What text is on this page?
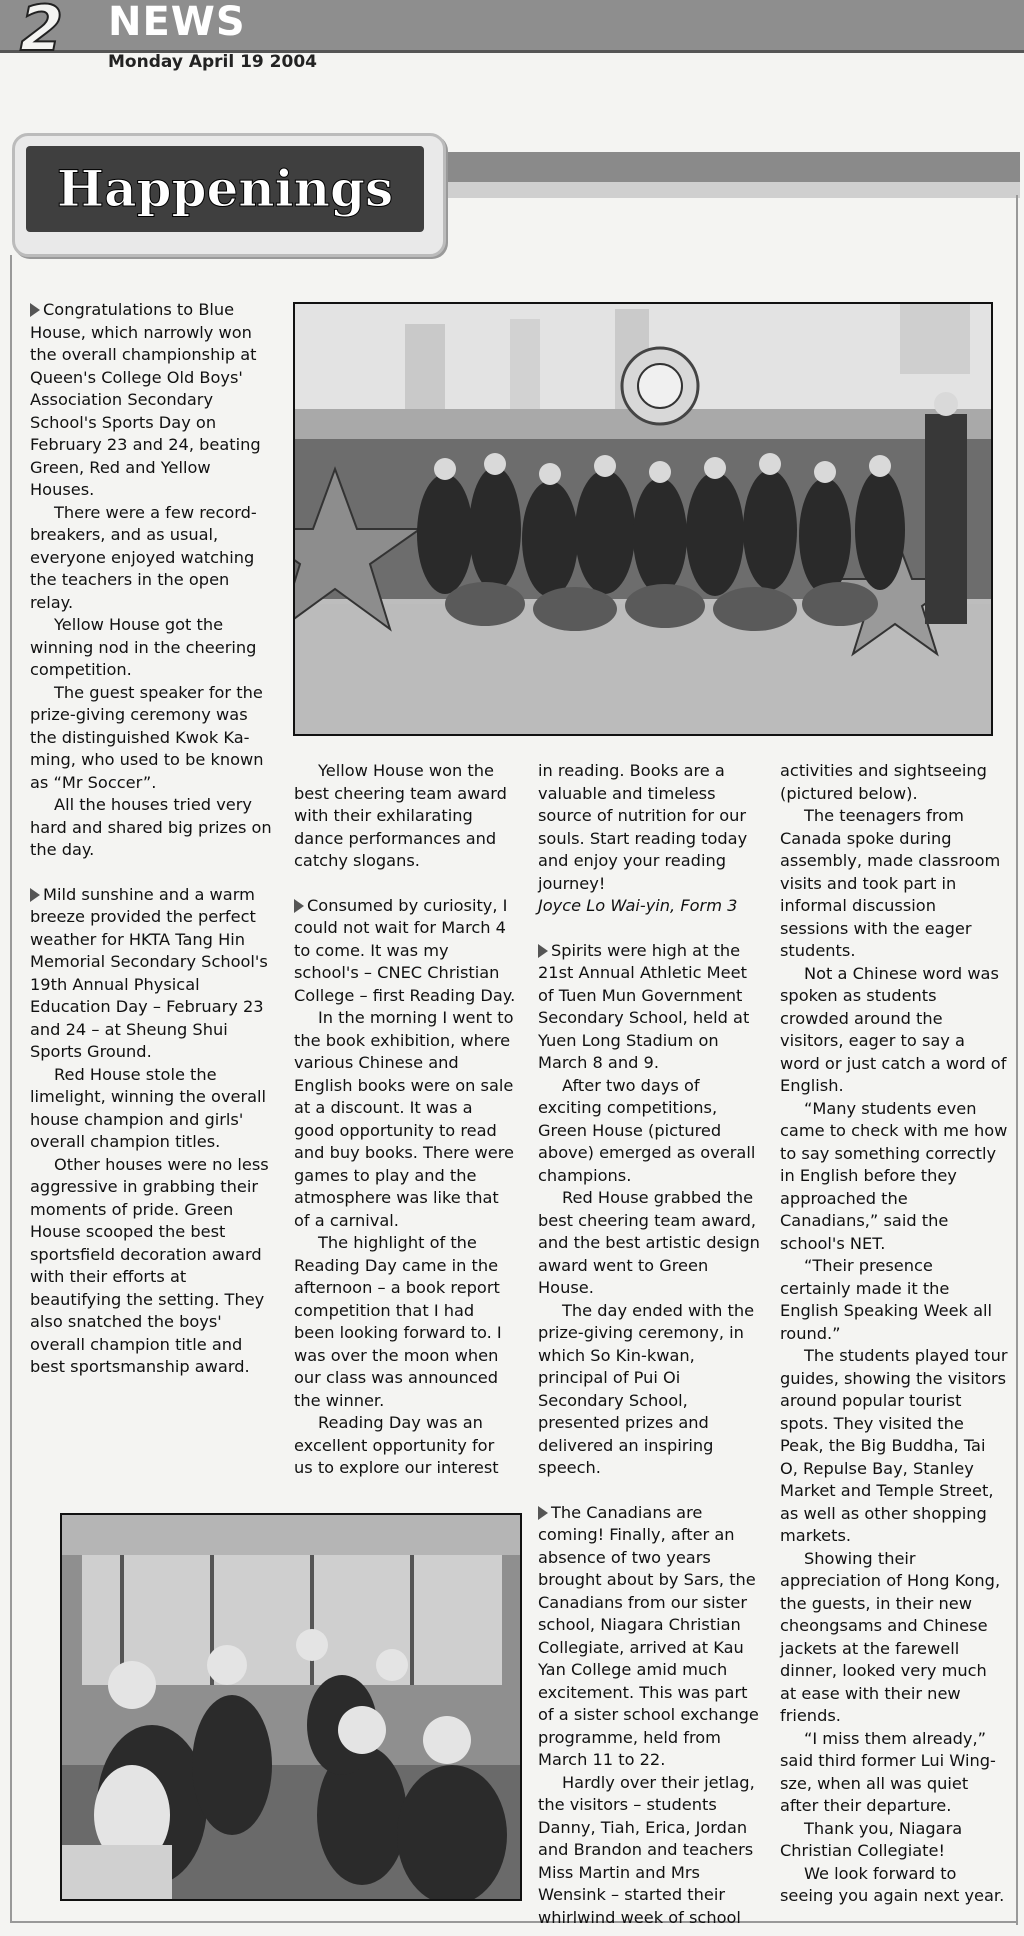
2 NEWS
Monday April 19 2004
Happenings

Congratulations to Blue House, which narrowly won the overall championship at Queen's College Old Boys' Association Secondary School's Sports Day on February 23 and 24, beating Green, Red and Yellow Houses.

There were a few record-breakers, and as usual, everyone enjoyed watching the teachers in the open relay.

Yellow House got the winning nod in the cheering competition.

The guest speaker for the prize-giving ceremony was the distinguished Kwok Ka-ming, who used to be known as “Mr Soccer”.

All the houses tried very hard and shared big prizes on the day.

Mild sunshine and a warm breeze provided the perfect weather for HKTA Tang Hin Memorial Secondary School's 19th Annual Physical Education Day – February 23 and 24 – at Sheung Shui Sports Ground.

Red House stole the limelight, winning the overall house champion and girls' overall champion titles.

Other houses were no less aggressive in grabbing their moments of pride. Green House scooped the best sportsfield decoration award with their efforts at beautifying the setting. They also snatched the boys' overall champion title and best sportsmanship award.

Yellow House won the best cheering team award with their exhilarating dance performances and catchy slogans.

Consumed by curiosity, I could not wait for March 4 to come. It was my school's – CNEC Christian College – first Reading Day.

In the morning I went to the book exhibition, where various Chinese and English books were on sale at a discount. It was a good opportunity to read and buy books. There were games to play and the atmosphere was like that of a carnival.

The highlight of the Reading Day came in the afternoon – a book report competition that I had been looking forward to. I was over the moon when our class was announced the winner.

Reading Day was an excellent opportunity for us to explore our interest

in reading. Books are a valuable and timeless source of nutrition for our souls. Start reading today and enjoy your reading journey!

Joyce Lo Wai-yin, Form 3

Spirits were high at the 21st Annual Athletic Meet of Tuen Mun Government Secondary School, held at Yuen Long Stadium on March 8 and 9.

After two days of exciting competitions, Green House (pictured above) emerged as overall champions.

Red House grabbed the best cheering team award, and the best artistic design award went to Green House.

The day ended with the prize-giving ceremony, in which So Kin-kwan, principal of Pui Oi Secondary School, presented prizes and delivered an inspiring speech.

The Canadians are coming! Finally, after an absence of two years brought about by Sars, the Canadians from our sister school, Niagara Christian Collegiate, arrived at Kau Yan College amid much excitement. This was part of a sister school exchange programme, held from March 11 to 22.

Hardly over their jetlag, the visitors – students Danny, Tiah, Erica, Jordan and Brandon and teachers Miss Martin and Mrs Wensink – started their whirlwind week of school

activities and sightseeing (pictured below).

The teenagers from Canada spoke during assembly, made classroom visits and took part in informal discussion sessions with the eager students.

Not a Chinese word was spoken as students crowded around the visitors, eager to say a word or just catch a word of English.

“Many students even came to check with me how to say something correctly in English before they approached the Canadians,” said the school's NET.

“Their presence certainly made it the English Speaking Week all round.”

The students played tour guides, showing the visitors around popular tourist spots. They visited the Peak, the Big Buddha, Tai O, Repulse Bay, Stanley Market and Temple Street, as well as other shopping markets.

Showing their appreciation of Hong Kong, the guests, in their new cheongsams and Chinese jackets at the farewell dinner, looked very much at ease with their new friends.

“I miss them already,” said third former Lui Wing-sze, when all was quiet after their departure.

Thank you, Niagara Christian Collegiate!

We look forward to seeing you again next year.
